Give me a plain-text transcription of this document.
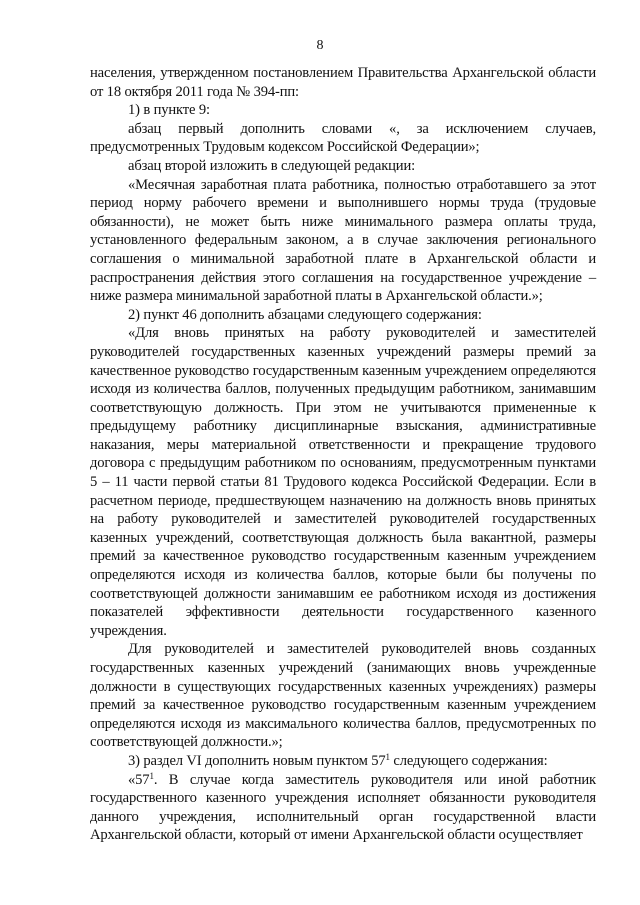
8

населения, утвержденном постановлением Правительства Архангельской области от 18 октября 2011 года № 394-пп:

1) в пункте 9:

абзац первый дополнить словами «, за исключением случаев, предусмотренных Трудовым кодексом Российской Федерации»;

абзац второй изложить в следующей редакции:

«Месячная заработная плата работника, полностью отработавшего за этот период норму рабочего времени и выполнившего нормы труда (трудовые обязанности), не может быть ниже минимального размера оплаты труда, установленного федеральным законом, а в случае заключения регионального соглашения о минимальной заработной плате в Архангельской области и распространения действия этого соглашения на государственное учреждение – ниже размера минимальной заработной платы в Архангельской области.»;

2) пункт 46 дополнить абзацами следующего содержания:

«Для вновь принятых на работу руководителей и заместителей руководителей государственных казенных учреждений размеры премий за качественное руководство государственным казенным учреждением определяются исходя из количества баллов, полученных предыдущим работником, занимавшим соответствующую должность. При этом не учитываются примененные к предыдущему работнику дисциплинарные взыскания, административные наказания, меры материальной ответственности и прекращение трудового договора с предыдущим работником по основаниям, предусмотренным пунктами 5 – 11 части первой статьи 81 Трудового кодекса Российской Федерации. Если в расчетном периоде, предшествующем назначению на должность вновь принятых на работу руководителей и заместителей руководителей государственных казенных учреждений, соответствующая должность была вакантной, размеры премий за качественное руководство государственным казенным учреждением определяются исходя из количества баллов, которые были бы получены по соответствующей должности занимавшим ее работником исходя из достижения показателей эффективности деятельности государственного казенного учреждения.

Для руководителей и заместителей руководителей вновь созданных государственных казенных учреждений (занимающих вновь учрежденные должности в существующих государственных казенных учреждениях) размеры премий за качественное руководство государственным казенным учреждением определяются исходя из максимального количества баллов, предусмотренных по соответствующей должности.»;

3) раздел VI дополнить новым пунктом $57^1$ следующего содержания:

«$57^1$. В случае когда заместитель руководителя или иной работник государственного казенного учреждения исполняет обязанности руководителя данного учреждения, исполнительный орган государственной власти Архангельской области, который от имени Архангельской области осуществляет
